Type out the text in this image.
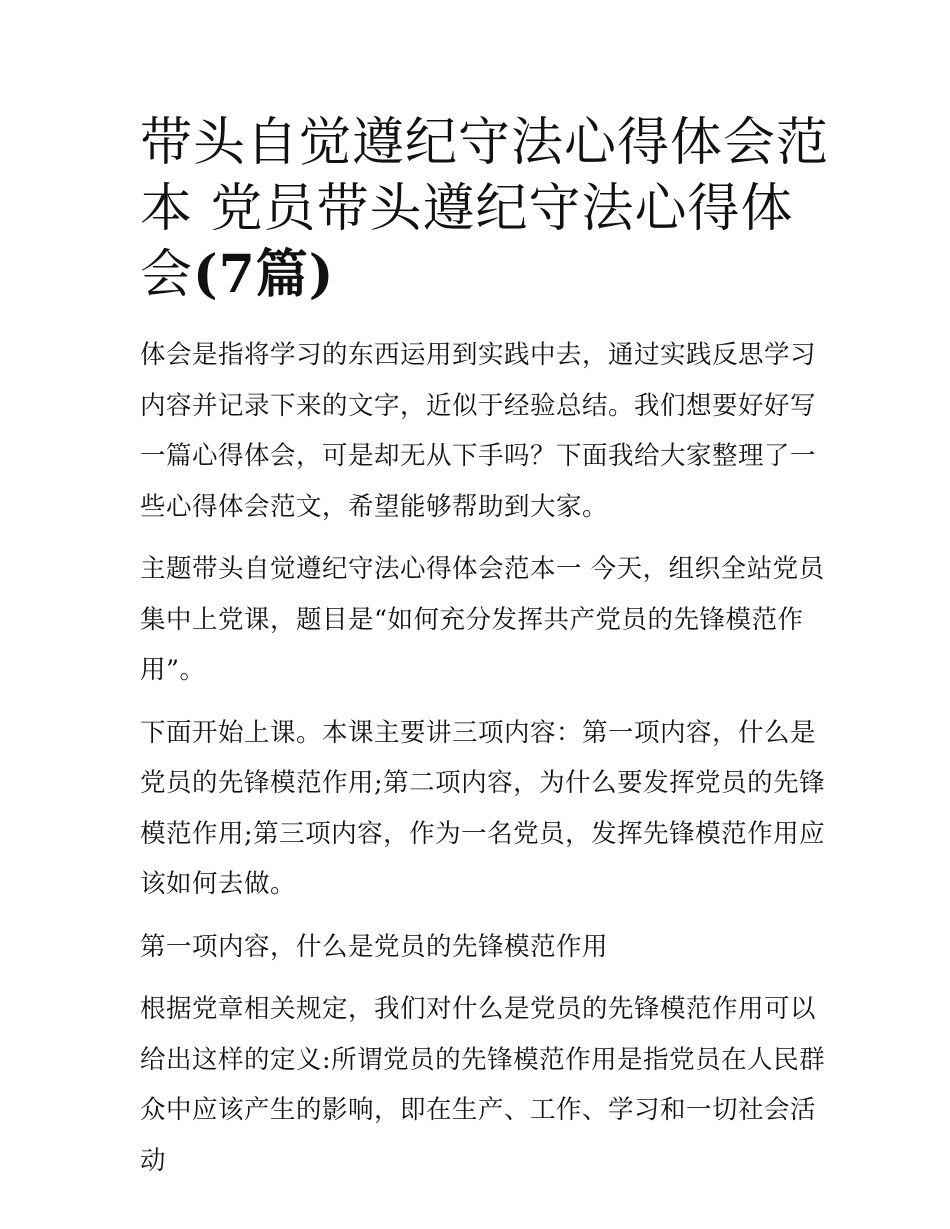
带头自觉遵纪守法心得体会范本 党员带头遵纪守法心得体会(7篇)

体会是指将学习的东西运用到实践中去，通过实践反思学习内容并记录下来的文字，近似于经验总结。我们想要好好写一篇心得体会，可是却无从下手吗？下面我给大家整理了一些心得体会范文，希望能够帮助到大家。

主题带头自觉遵纪守法心得体会范本一 今天，组织全站党员集中上党课，题目是“如何充分发挥共产党员的先锋模范作用”。

下面开始上课。本课主要讲三项内容：第一项内容，什么是党员的先锋模范作用;第二项内容，为什么要发挥党员的先锋模范作用;第三项内容，作为一名党员，发挥先锋模范作用应该如何去做。

第一项内容，什么是党员的先锋模范作用

根据党章相关规定，我们对什么是党员的先锋模范作用可以给出这样的定义:所谓党员的先锋模范作用是指党员在人民群众中应该产生的影响，即在生产、工作、学习和一切社会活动
